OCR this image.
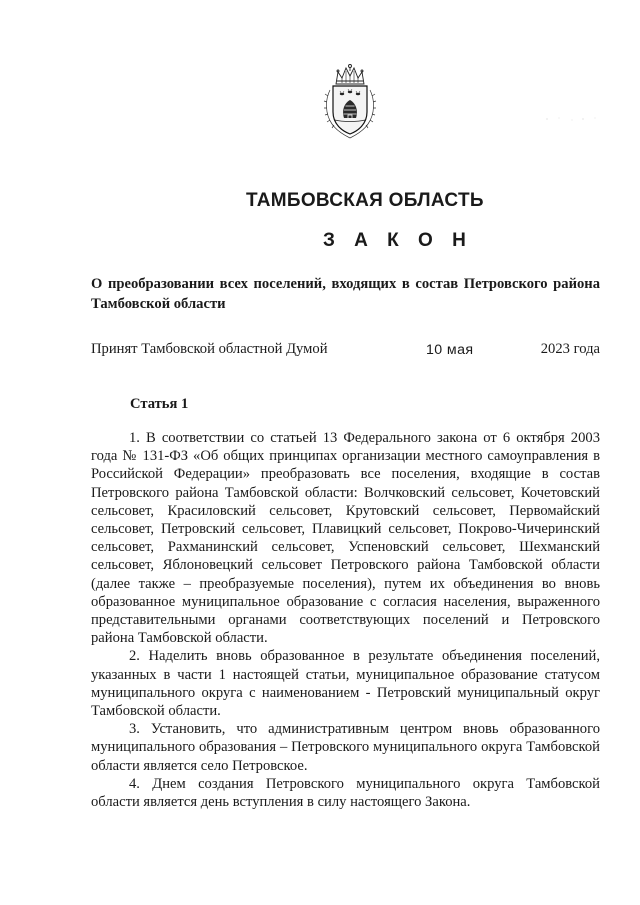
ТАМБОВСКАЯ ОБЛАСТЬ
З А К О Н
О преобразовании всех поселений, входящих в состав Петровского района Тамбовской области
Принят Тамбовской областной Думой	10 мая	2023 года
Статья 1

1. В соответствии со статьей 13 Федерального закона от 6 октября 2003 года № 131-ФЗ «Об общих принципах организации местного самоуправления в Российской Федерации» преобразовать все поселения, входящие в состав Петровского района Тамбовской области: Волчковский сельсовет, Кочетовский сельсовет, Красиловский сельсовет, Крутовский сельсовет, Первомайский сельсовет, Петровский сельсовет, Плавицкий сельсовет, Покрово-Чичеринский сельсовет, Рахманинский сельсовет, Успеновский сельсовет, Шехманский сельсовет, Яблоновецкий сельсовет Петровского района Тамбовской области (далее также – преобразуемые поселения), путем их объединения во вновь образованное муниципальное образование с согласия населения, выраженного представительными органами соответствующих поселений и Петровского района Тамбовской области.

2. Наделить вновь образованное в результате объединения поселений, указанных в части 1 настоящей статьи, муниципальное образование статусом муниципального округа с наименованием - Петровский муниципальный округ Тамбовской области.

3. Установить, что административным центром вновь образованного муниципального образования – Петровского муниципального округа Тамбовской области является село Петровское.

4. Днем создания Петровского муниципального округа Тамбовской области является день вступления в силу настоящего Закона.
